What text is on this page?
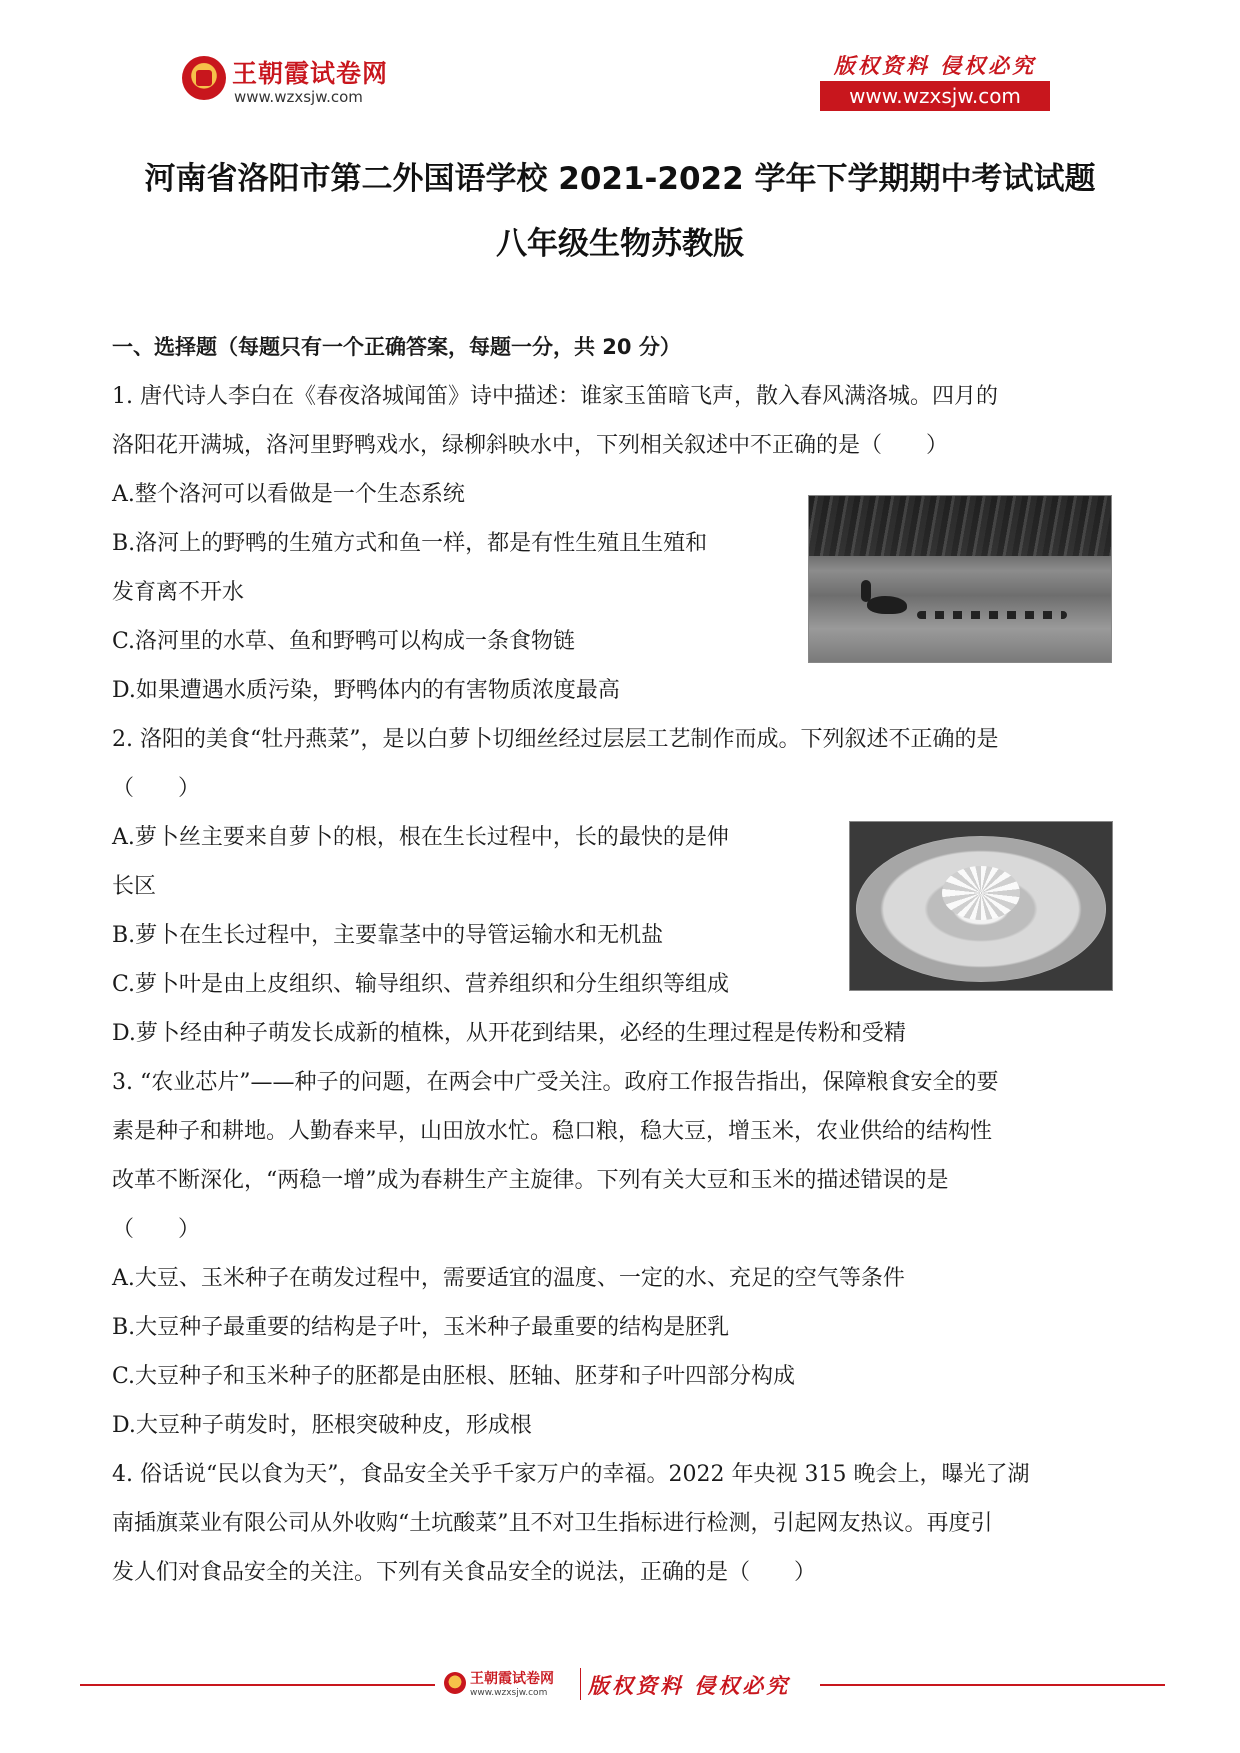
王朝霞试卷网
www.wzxsjw.com
版权资料 侵权必究
www.wzxsjw.com
河南省洛阳市第二外国语学校 2021-2022 学年下学期期中考试试题
八年级生物苏教版
一、选择题（每题只有一个正确答案，每题一分，共 20 分）
1. 唐代诗人李白在《春夜洛城闻笛》诗中描述：谁家玉笛暗飞声，散入春风满洛城。四月的
洛阳花开满城，洛河里野鸭戏水，绿柳斜映水中，下列相关叙述中不正确的是（　　）
A.整个洛河可以看做是一个生态系统
B.洛河上的野鸭的生殖方式和鱼一样，都是有性生殖且生殖和
发育离不开水
C.洛河里的水草、鱼和野鸭可以构成一条食物链
D.如果遭遇水质污染，野鸭体内的有害物质浓度最高
2. 洛阳的美食“牡丹燕菜”，是以白萝卜切细丝经过层层工艺制作而成。下列叙述不正确的是
（　　）
A.萝卜丝主要来自萝卜的根，根在生长过程中，长的最快的是伸
长区
B.萝卜在生长过程中，主要靠茎中的导管运输水和无机盐
C.萝卜叶是由上皮组织、输导组织、营养组织和分生组织等组成
D.萝卜经由种子萌发长成新的植株，从开花到结果，必经的生理过程是传粉和受精
3. “农业芯片”——种子的问题，在两会中广受关注。政府工作报告指出，保障粮食安全的要
素是种子和耕地。人勤春来早，山田放水忙。稳口粮，稳大豆，增玉米，农业供给的结构性
改革不断深化，“两稳一增”成为春耕生产主旋律。下列有关大豆和玉米的描述错误的是
（　　）
A.大豆、玉米种子在萌发过程中，需要适宜的温度、一定的水、充足的空气等条件
B.大豆种子最重要的结构是子叶，玉米种子最重要的结构是胚乳
C.大豆种子和玉米种子的胚都是由胚根、胚轴、胚芽和子叶四部分构成
D.大豆种子萌发时，胚根突破种皮，形成根
4. 俗话说“民以食为天”，食品安全关乎千家万户的幸福。2022 年央视 315 晚会上，曝光了湖
南插旗菜业有限公司从外收购“土坑酸菜”且不对卫生指标进行检测，引起网友热议。再度引
发人们对食品安全的关注。下列有关食品安全的说法，正确的是（　　）
王朝霞试卷网
www.wzxsjw.com 版权资料 侵权必究
